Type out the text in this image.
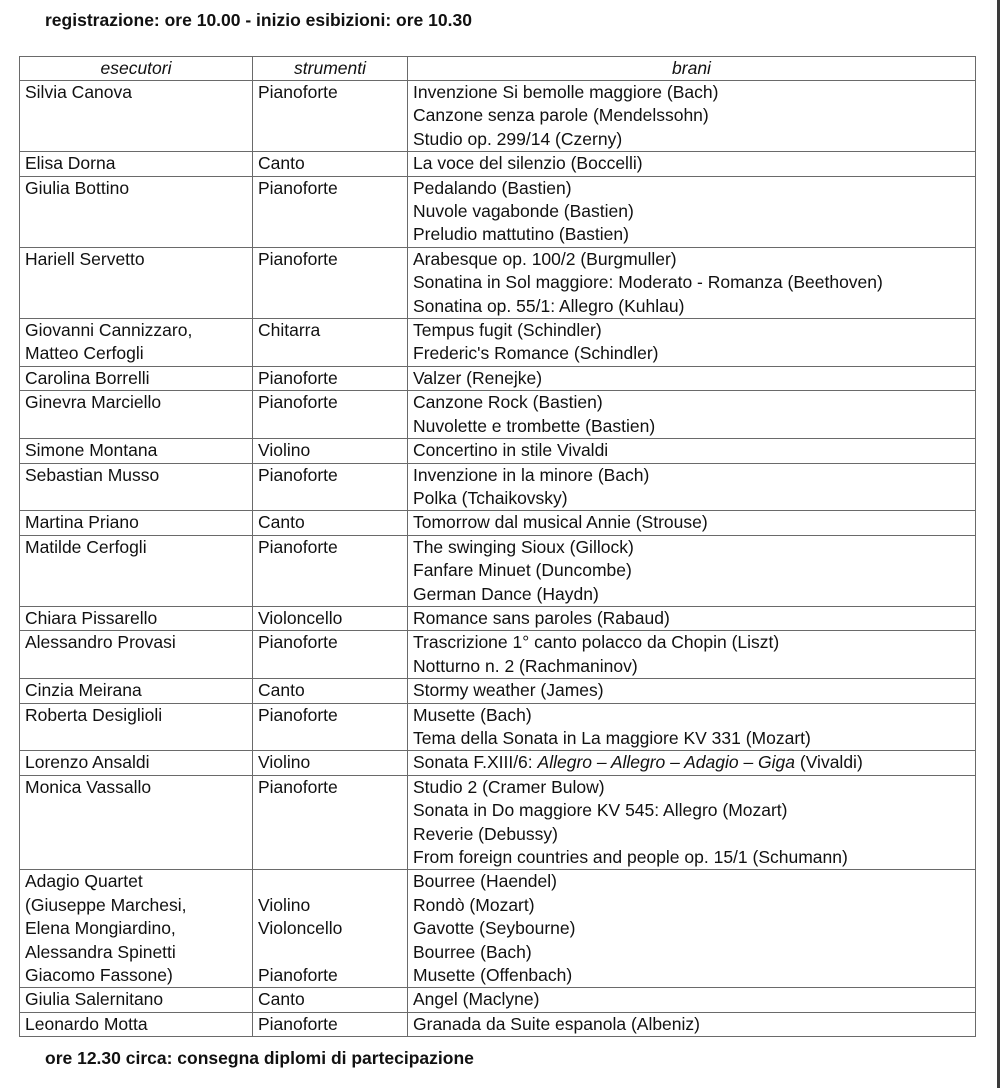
registrazione: ore 10.00 - inizio esibizioni: ore 10.30
esecutori	strumenti	brani

Silvia Canova	Pianoforte	Invenzione Si bemolle maggiore (Bach)
Canzone senza parole (Mendelssohn)
Studio op. 299/14 (Czerny)

Elisa Dorna	Canto	La voce del silenzio (Boccelli)

Giulia Bottino	Pianoforte	Pedalando (Bastien)
Nuvole vagabonde (Bastien)
Preludio mattutino (Bastien)

Hariell Servetto	Pianoforte	Arabesque op. 100/2 (Burgmuller)
Sonatina in Sol maggiore: Moderato - Romanza (Beethoven)
Sonatina op. 55/1: Allegro (Kuhlau)

Giovanni Cannizzaro,
Matteo Cerfogli	Chitarra	Tempus fugit (Schindler)
Frederic's Romance (Schindler)

Carolina Borrelli	Pianoforte	Valzer (Renejke)

Ginevra Marciello	Pianoforte	Canzone Rock (Bastien)
Nuvolette e trombette (Bastien)

Simone Montana	Violino	Concertino in stile Vivaldi

Sebastian Musso	Pianoforte	Invenzione in la minore (Bach)
Polka (Tchaikovsky)

Martina Priano	Canto	Tomorrow dal musical Annie (Strouse)

Matilde Cerfogli	Pianoforte	The swinging Sioux (Gillock)
Fanfare Minuet (Duncombe)
German Dance (Haydn)

Chiara Pissarello	Violoncello	Romance sans paroles (Rabaud)

Alessandro Provasi	Pianoforte	Trascrizione 1° canto polacco da Chopin (Liszt)
Notturno n. 2 (Rachmaninov)

Cinzia Meirana	Canto	Stormy weather (James)

Roberta Desiglioli	Pianoforte	Musette (Bach)
Tema della Sonata in La maggiore KV 331 (Mozart)

Lorenzo Ansaldi	Violino	Sonata F.XIII/6: Allegro – Allegro – Adagio – Giga (Vivaldi)

Monica Vassallo	Pianoforte	Studio 2 (Cramer Bulow)
Sonata in Do maggiore KV 545: Allegro (Mozart)
Reverie (Debussy)
From foreign countries and people op. 15/1 (Schumann)

Adagio Quartet
(Giuseppe Marchesi,
Elena Mongiardino,
Alessandra Spinetti
Giacomo Fassone)	Violino
Violoncello
Pianoforte	Bourree (Haendel)
Rondò (Mozart)
Gavotte (Seybourne)
Bourree (Bach)
Musette (Offenbach)

Giulia Salernitano	Canto	Angel (Maclyne)

Leonardo Motta	Pianoforte	Granada da Suite espanola (Albeniz)
ore 12.30 circa: consegna diplomi di partecipazione
